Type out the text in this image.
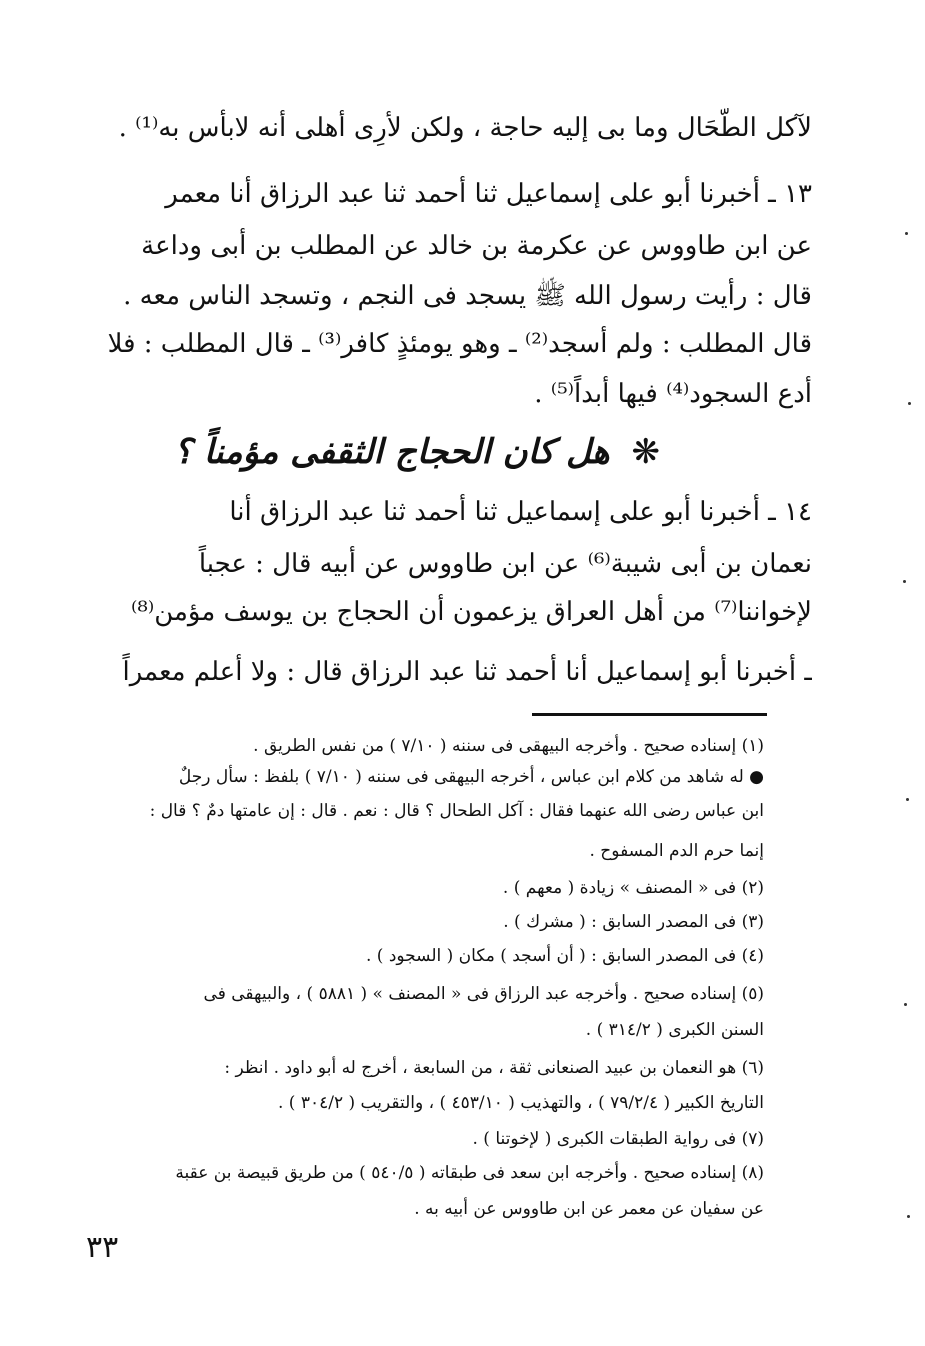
لآكل الطُّحَال وما بى إليه حاجة ، ولكن لأرِى أهلى أنه لابأس به⁽¹⁾ .
١٣ ـ أخبرنا أبو على إسماعيل ثنا أحمد ثنا عبد الرزاق أنا معمر
عن ابن طاووس عن عكرمة بن خالد عن المطلب بن أبى وداعة
قال : رأيت رسول الله ﷺ يسجد فى النجم ، وتسجد الناس معه .
قال المطلب : ولم أسجد⁽²⁾ ـ وهو يومئذٍ كافر⁽³⁾ ـ قال المطلب : فلا
أدع السجود⁽⁴⁾ فيها أبداً⁽⁵⁾ .
❋ هل كان الحجاج الثقفى مؤمناً ؟
١٤ ـ أخبرنا أبو على إسماعيل ثنا أحمد ثنا عبد الرزاق أنا
نعمان بن أبى شيبة⁽⁶⁾ عن ابن طاووس عن أبيه قال : عجباً
لإخواننا⁽⁷⁾ من أهل العراق يزعمون أن الحجاج بن يوسف مؤمن⁽⁸⁾
ـ أخبرنا أبو إسماعيل أنا أحمد ثنا عبد الرزاق قال : ولا أعلم معمراً
(١) إسناده صحيح . وأخرجه البيهقى فى سننه ( ٧/١٠ ) من نفس الطريق .
● له شاهد من كلام ابن عباس ، أخرجه البيهقى فى سننه ( ٧/١٠ ) بلفظ : سأل رجلٌ
ابن عباس رضى الله عنهما فقال : آكل الطحال ؟ قال : نعم . قال : إن عامتها دمٌ ؟ قال :
إنما حرم الدم المسفوح .
(٢) فى « المصنف » زيادة ( معهم ) .
(٣) فى المصدر السابق : ( مشرك ) .
(٤) فى المصدر السابق : ( أن أسجد ) مكان ( السجود ) .
(٥) إسناده صحيح . وأخرجه عبد الرزاق فى « المصنف » ( ٥٨٨١ ) ، والبيهقى فى
السنن الكبرى ( ٣١٤/٢ ) .
(٦) هو النعمان بن عبيد الصنعانى ثقة ، من السابعة ، أخرج له أبو داود . انظر :
التاريخ الكبير ( ٧٩/٢/٤ ) ، والتهذيب ( ٤٥٣/١٠ ) ، والتقريب ( ٣٠٤/٢ ) .
(٧) فى رواية الطبقات الكبرى ( لإخوتنا ) .
(٨) إسناده صحيح . وأخرجه ابن سعد فى طبقاته ( ٥٤٠/٥ ) من طريق قبيصة بن عقبة
عن سفيان عن معمر عن ابن طاووس عن أبيه به .
٣٣
